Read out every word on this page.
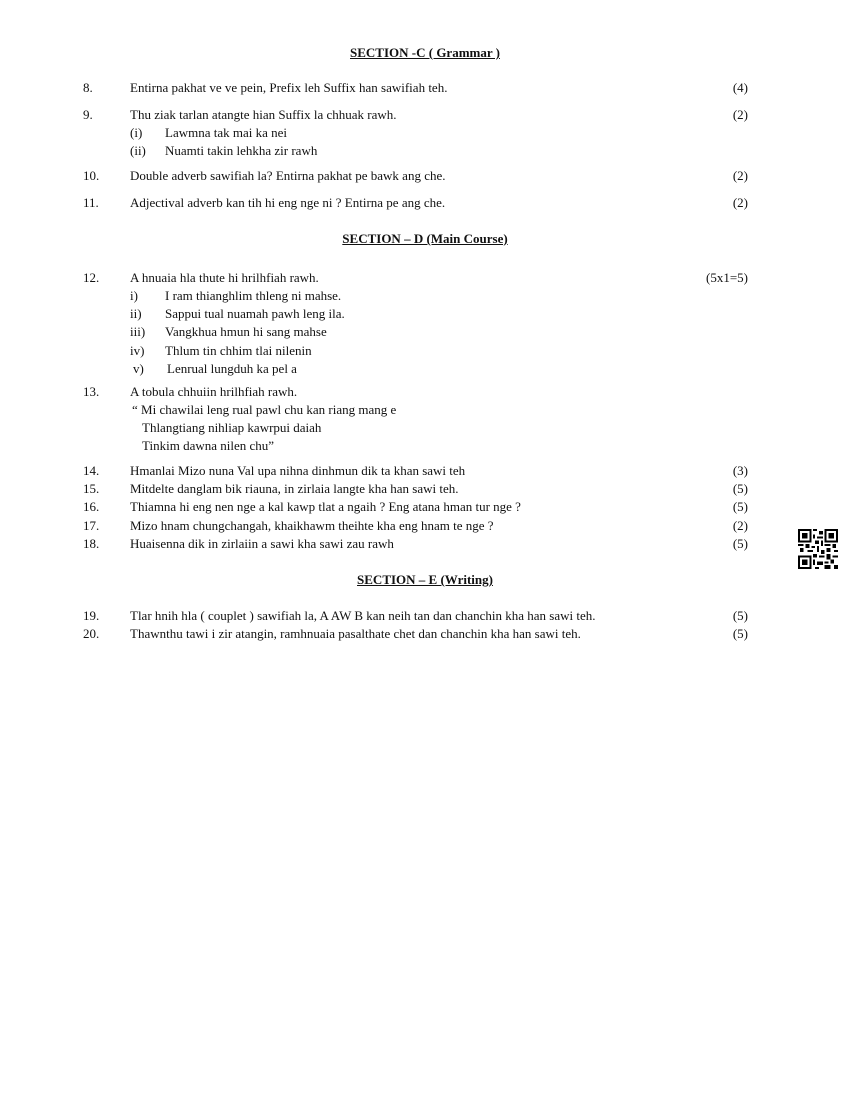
SECTION -C ( Grammar )
8.	Entirna pakhat ve ve pein, Prefix leh Suffix han sawifiah teh.	(4)
9.	Thu ziak tarlan atangte hian Suffix la chhuak rawh.	(2)
(i) Lawmna tak mai ka nei
(ii) Nuamti takin lehkha zir rawh
10. Double adverb sawifiah la? Entirna pakhat pe bawk ang che.	(2)
11. Adjectival adverb kan tih hi eng nge ni ? Entirna pe ang che.	(2)
SECTION – D (Main Course)
12. A hnuaia hla thute hi hrilhfiah rawh.	(5x1=5)
i) I ram thianghlim thleng ni mahse.
ii) Sappui tual nuamah pawh leng ila.
iii) Vangkhua hmun hi sang mahse
iv) Thlum tin chhim tlai nilenin
v) Lenrual lungduh ka pel a
13. A tobula chhuiin hrilhfiah rawh.
“ Mi chawilai leng rual pawl chu kan riang mang e
Thlangtiang nihliap kawrpui daiah
Tinkim dawna nilen chu”
14. Hmanlai Mizo nuna Val upa nihna dinhmun dik ta khan sawi teh	(3)
15. Mitdelte danglam bik riauna, in zirlaia langte kha han sawi teh.	(5)
16. Thiamna hi eng nen nge a kal kawp tlat a ngaih ? Eng atana hman tur nge ?	(5)
17. Mizo hnam chungchangah, khaikhawm theihte kha eng hnam te nge ?	(2)
18. Huaisenna dik in zirlaiin a sawi kha sawi zau rawh	(5)
SECTION – E (Writing)
19. Tlar hnih hla ( couplet ) sawifiah la, A AW B kan neih tan dan chanchin kha han sawi teh.	(5)
20. Thawnthu tawi i zir atangin, ramhnuaia pasalthate chet dan chanchin kha han sawi teh.	(5)
